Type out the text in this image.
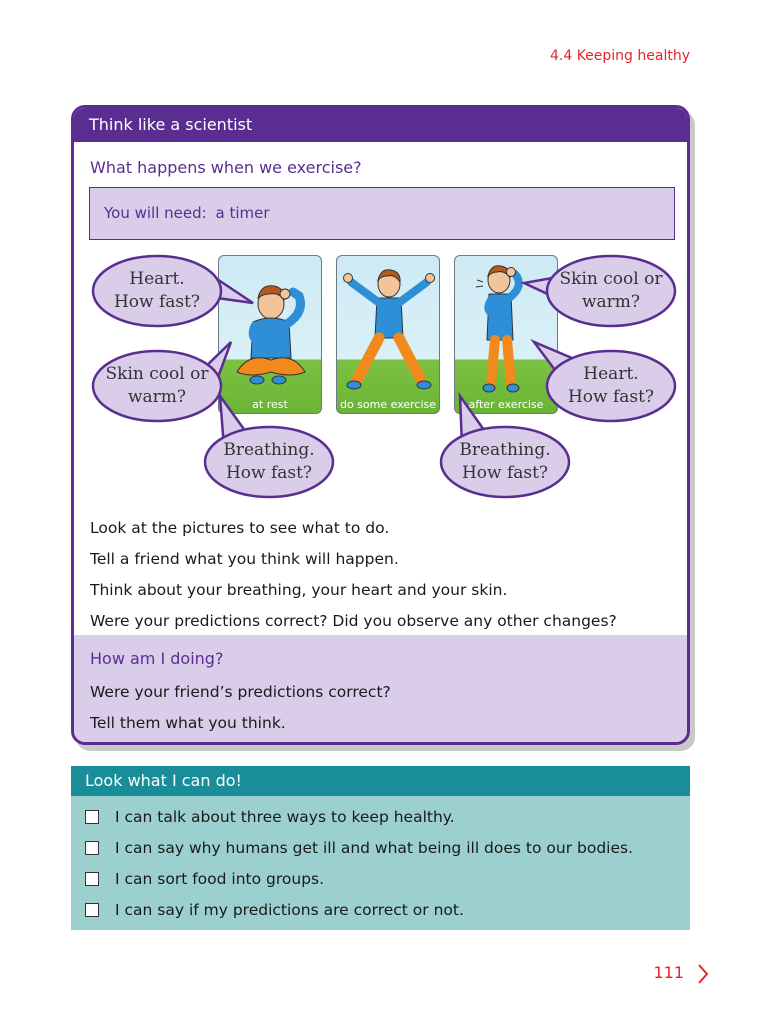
4.4 Keeping healthy
Think like a scientist
What happens when we exercise?
You will need: a timer
at rest	do some exercise	after exercise
Heart.
How fast?
Skin cool or
warm?
Breathing.
How fast?
Skin cool or
warm?
Heart.
How fast?
Breathing.
How fast?

Look at the pictures to see what to do.

Tell a friend what you think will happen.

Think about your breathing, your heart and your skin.

Were your predictions correct? Did you observe any other changes?

How am I doing?

Were your friend’s predictions correct?

Tell them what you think.

Look what I can do!
I can talk about three ways to keep healthy.
I can say why humans get ill and what being ill does to our bodies.
I can sort food into groups.
I can say if my predictions are correct or not.
111
